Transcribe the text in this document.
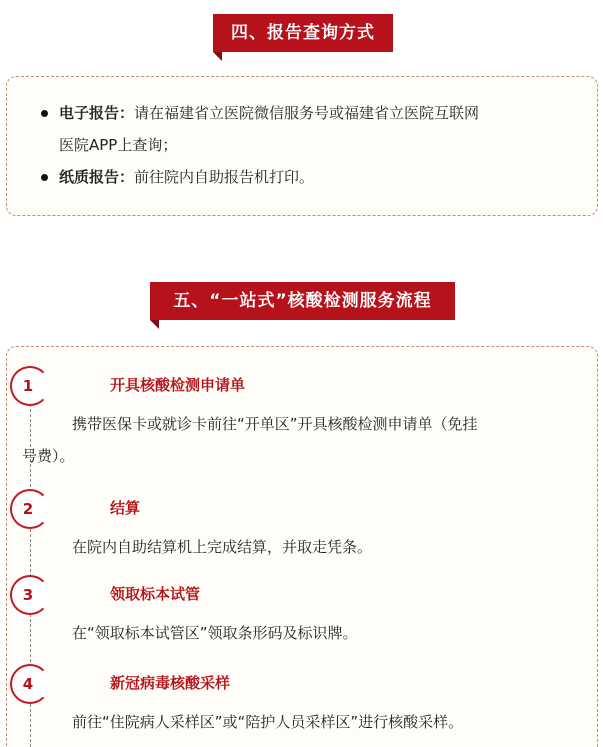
四、报告查询方式
电子报告：请在福建省立医院微信服务号或福建省立医院互联网
医院APP上查询；
纸质报告：前往院内自助报告机打印。
五、“一站式”核酸检测服务流程
1	开具核酸检测申请单
携带医保卡或就诊卡前往“开单区”开具核酸检测申请单（免挂
号费）。
2	结算
在院内自助结算机上完成结算，并取走凭条。
3	领取标本试管
在“领取标本试管区”领取条形码及标识牌。
4	新冠病毒核酸采样
前往“住院病人采样区”或“陪护人员采样区”进行核酸采样。
